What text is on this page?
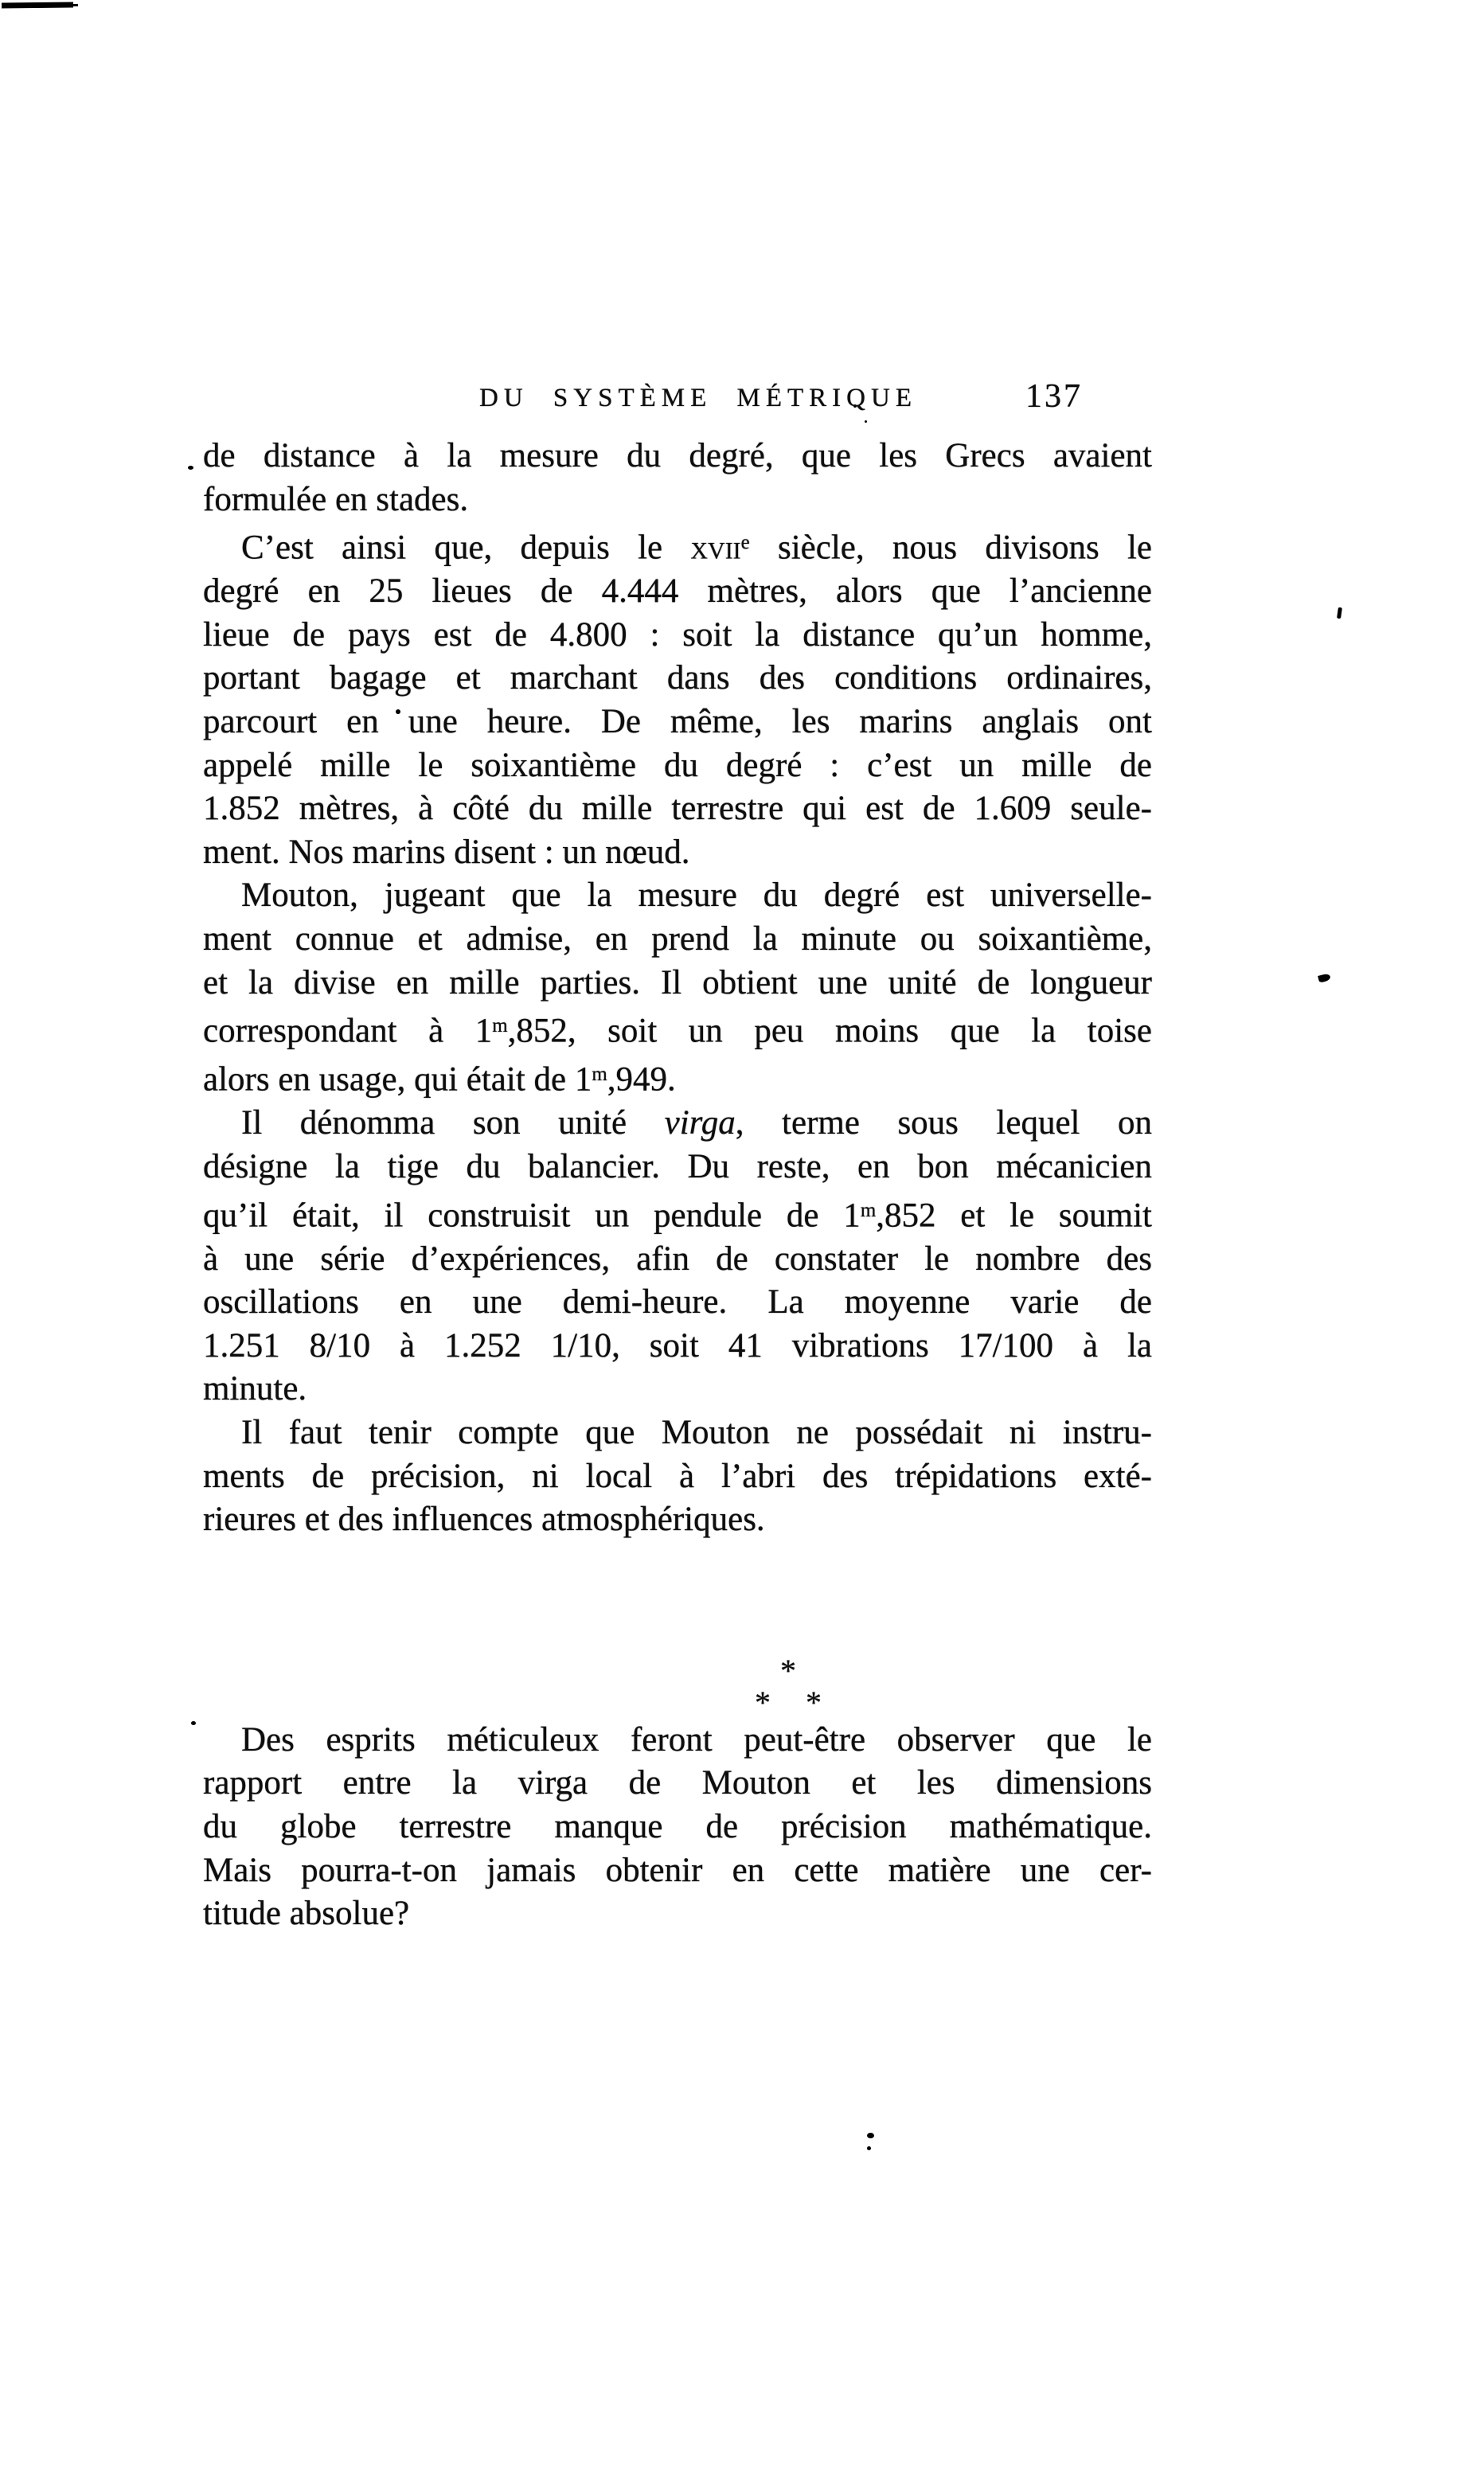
DU SYSTÈME MÉTRIQUE	137
de distance à la mesure du degré, que les Grecs avaient
formulée en stades.
C’est ainsi que, depuis le xvii$^e$ siècle, nous divisons le
degré en 25 lieues de 4.444 mètres, alors que l’ancienne
lieue de pays est de 4.800 : soit la distance qu’un homme,
portant bagage et marchant dans des conditions ordinaires,
parcourt en une heure. De même, les marins anglais ont
appelé mille le soixantième du degré : c’est un mille de
1.852 mètres, à côté du mille terrestre qui est de 1.609 seule-
ment. Nos marins disent : un nœud.
Mouton, jugeant que la mesure du degré est universelle-
ment connue et admise, en prend la minute ou soixantième,
et la divise en mille parties. Il obtient une unité de longueur
correspondant à 1$^m$,852, soit un peu moins que la toise
alors en usage, qui était de 1$^m$,949.
Il dénomma son unité virga, terme sous lequel on
désigne la tige du balancier. Du reste, en bon mécanicien
qu’il était, il construisit un pendule de 1$^m$,852 et le soumit
à une série d’expériences, afin de constater le nombre des
oscillations en une demi-heure. La moyenne varie de
1.251 8/10 à 1.252 1/10, soit 41 vibrations 17/100 à la
minute.
Il faut tenir compte que Mouton ne possédait ni instru-
ments de précision, ni local à l’abri des trépidations exté-
rieures et des influences atmosphériques.
*
* *
Des esprits méticuleux feront peut-être observer que le
rapport entre la virga de Mouton et les dimensions
du globe terrestre manque de précision mathématique.
Mais pourra-t-on jamais obtenir en cette matière une cer-
titude absolue?
